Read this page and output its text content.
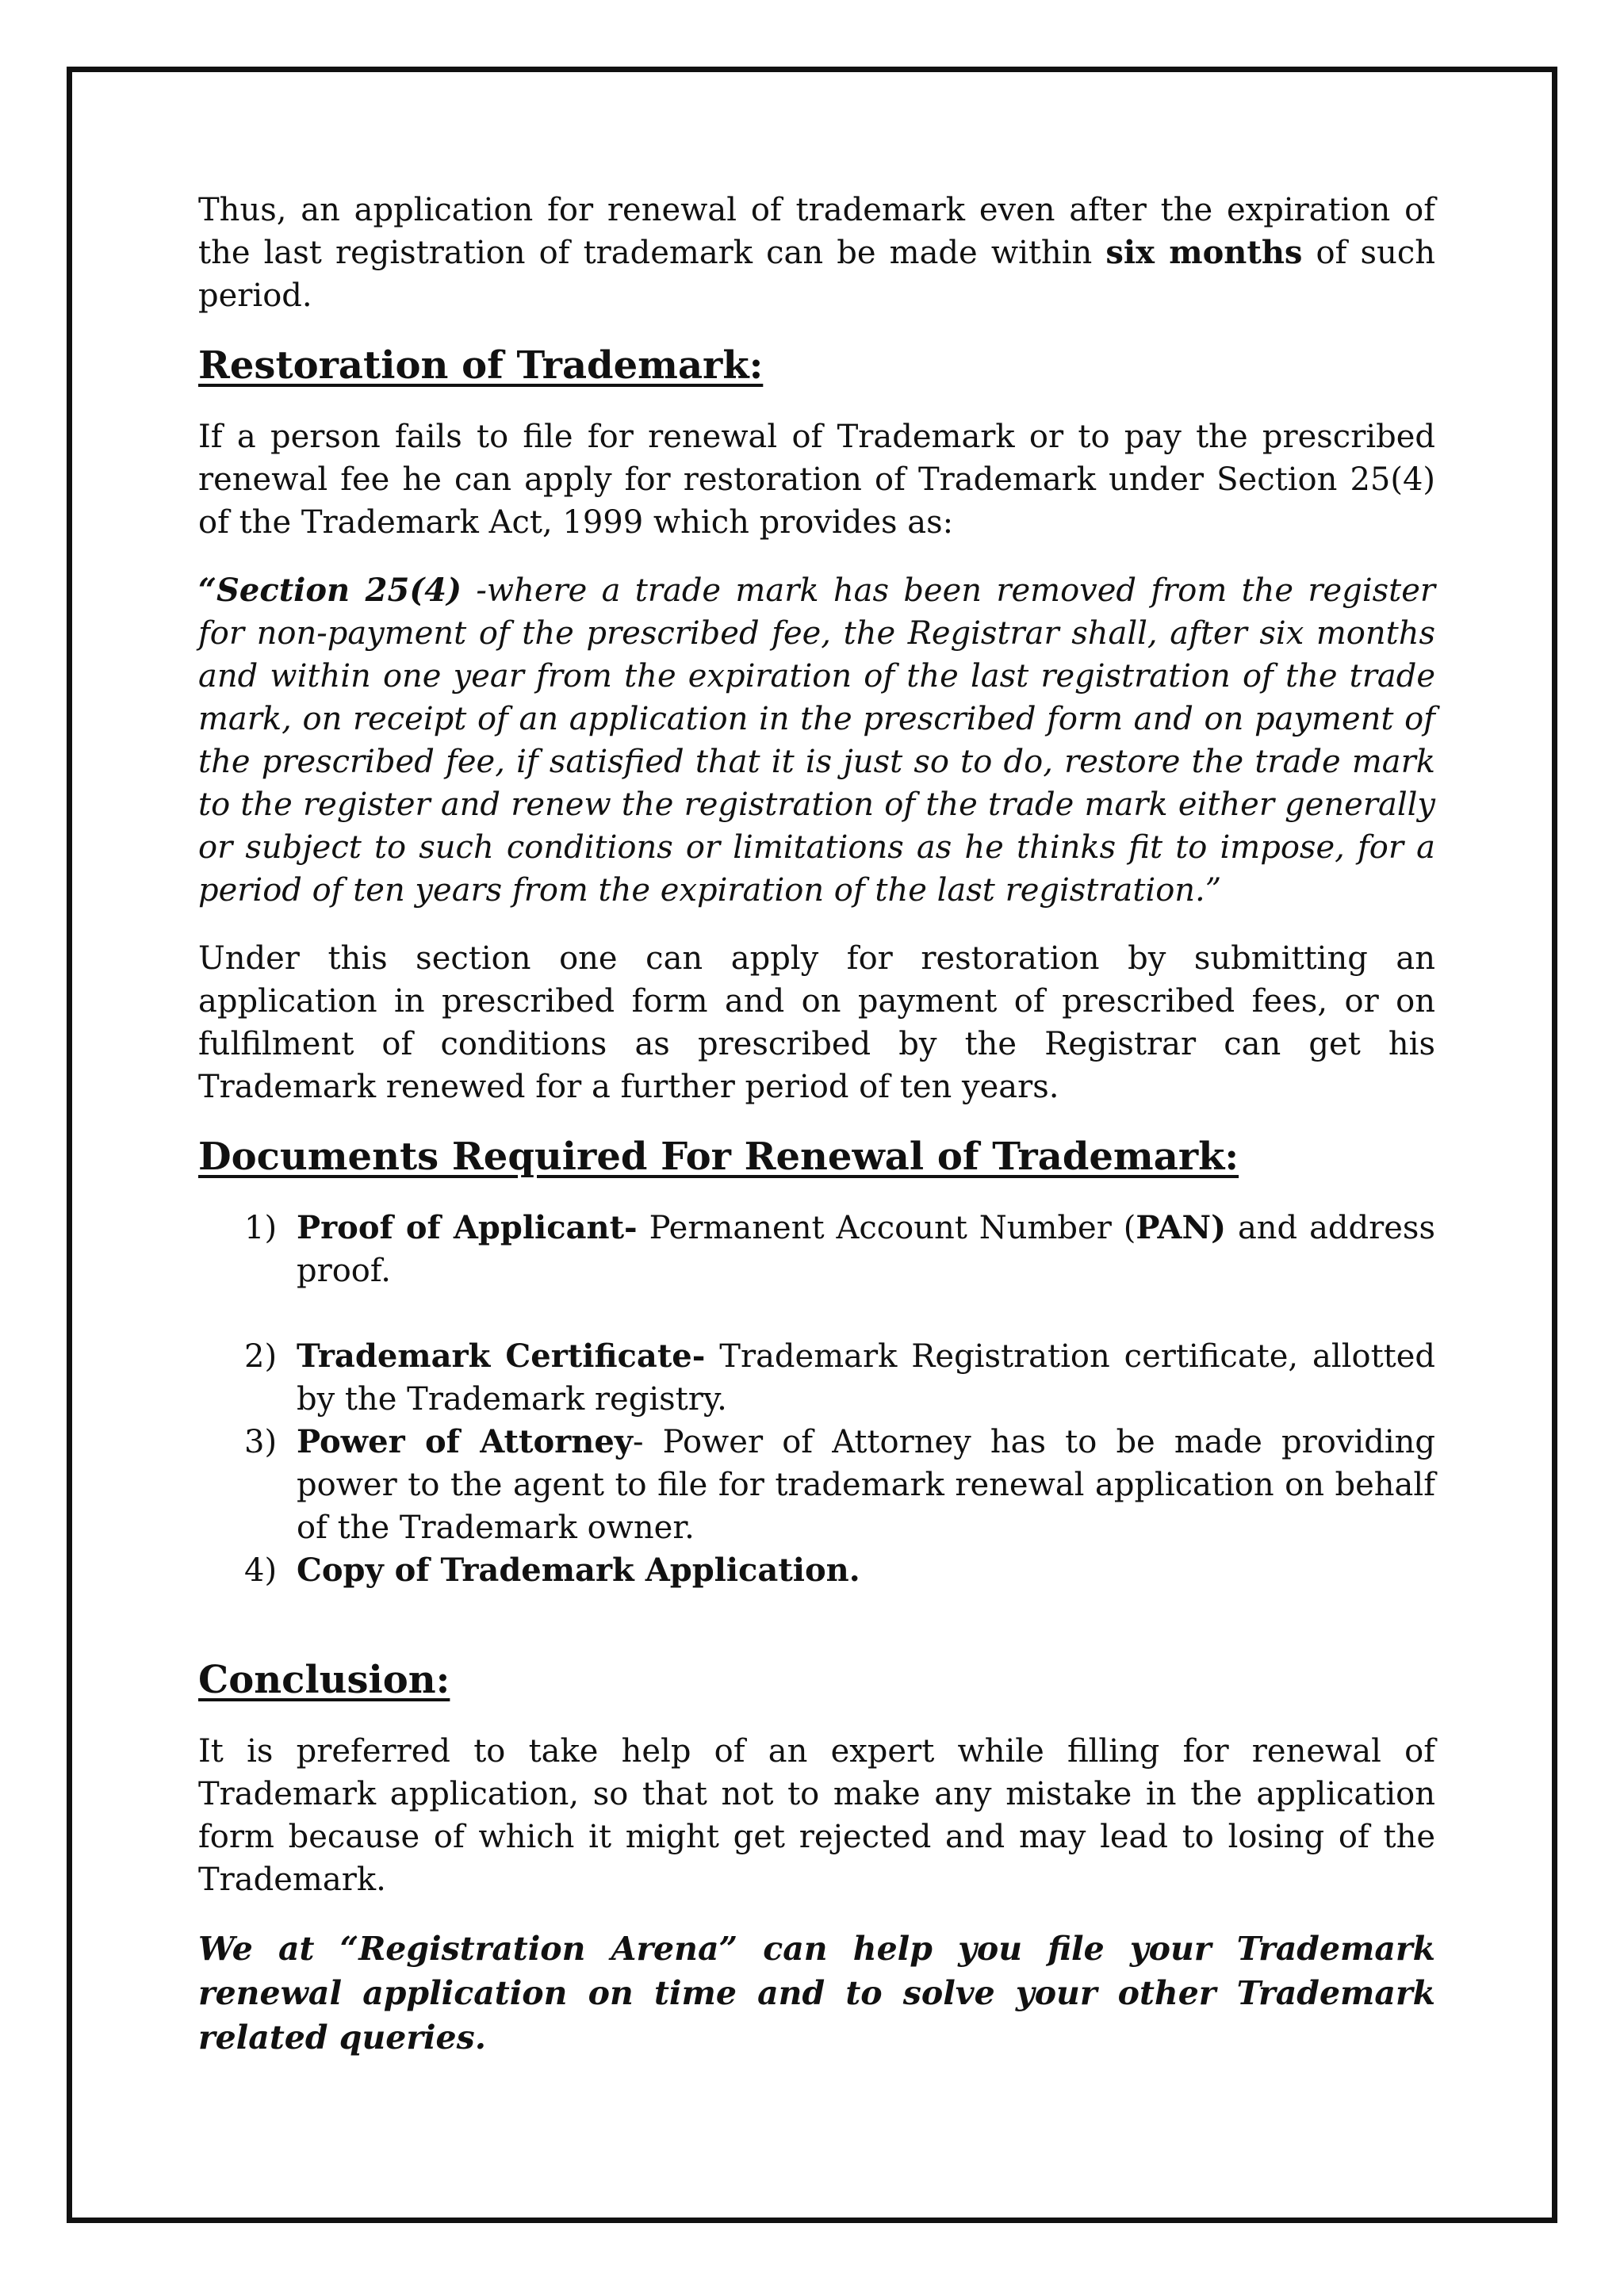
Thus, an application for renewal of trademark even after the expiration of the last registration of trademark can be made within six months of such period.

Restoration of Trademark:

If a person fails to file for renewal of Trademark or to pay the prescribed renewal fee he can apply for restoration of Trademark under Section 25(4) of the Trademark Act, 1999 which provides as:

“Section 25(4) -where a trade mark has been removed from the register for non-payment of the prescribed fee, the Registrar shall, after six months and within one year from the expiration of the last registration of the trade mark, on receipt of an application in the prescribed form and on payment of the prescribed fee, if satisfied that it is just so to do, restore the trade mark to the register and renew the registration of the trade mark either generally or subject to such conditions or limitations as he thinks fit to impose, for a period of ten years from the expiration of the last registration.”

Under this section one can apply for restoration by submitting an application in prescribed form and on payment of prescribed fees, or on fulfilment of conditions as prescribed by the Registrar can get his Trademark renewed for a further period of ten years.

Documents Required For Renewal of Trademark:
1) Proof of Applicant- Permanent Account Number (PAN) and address proof.
2) Trademark Certificate- Trademark Registration certificate, allotted by the Trademark registry.
3) Power of Attorney- Power of Attorney has to be made providing power to the agent to file for trademark renewal application on behalf of the Trademark owner.
4) Copy of Trademark Application.
Conclusion:

It is preferred to take help of an expert while filling for renewal of Trademark application, so that not to make any mistake in the application form because of which it might get rejected and may lead to losing of the Trademark.

We at “Registration Arena” can help you file your Trademark renewal application on time and to solve your other Trademark related queries.
